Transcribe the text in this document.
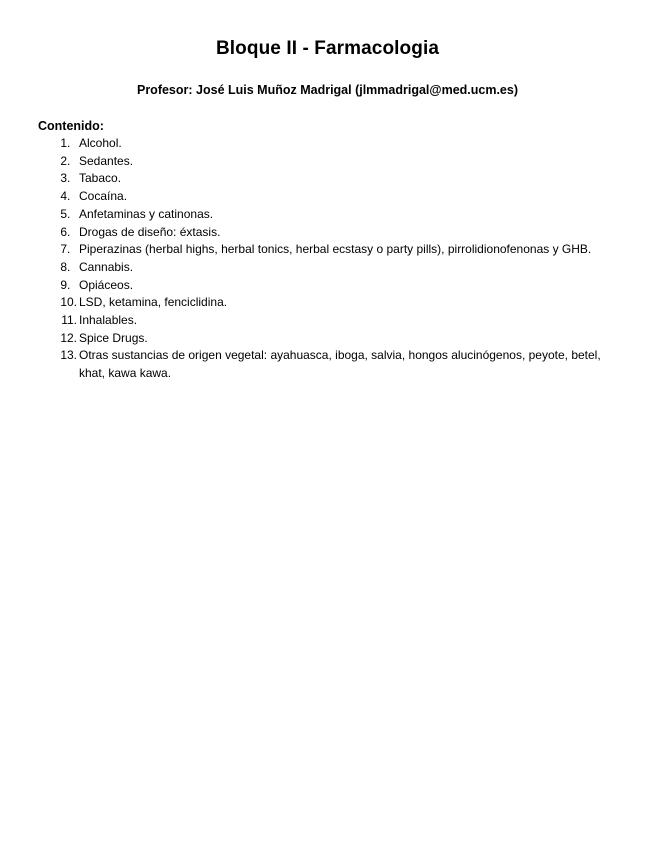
Bloque II - Farmacologia
Profesor: José Luis Muñoz Madrigal (jlmmadrigal@med.ucm.es)
Contenido:
1. Alcohol.
2. Sedantes.
3. Tabaco.
4. Cocaína.
5. Anfetaminas y catinonas.
6. Drogas de diseño: éxtasis.
7. Piperazinas (herbal highs, herbal tonics, herbal ecstasy o party pills), pirrolidionofenonas y GHB.
8. Cannabis.
9. Opiáceos.
10. LSD, ketamina, fenciclidina.
11. Inhalables.
12. Spice Drugs.
13. Otras sustancias de origen vegetal: ayahuasca, iboga, salvia, hongos alucinógenos, peyote, betel, khat, kawa kawa.
